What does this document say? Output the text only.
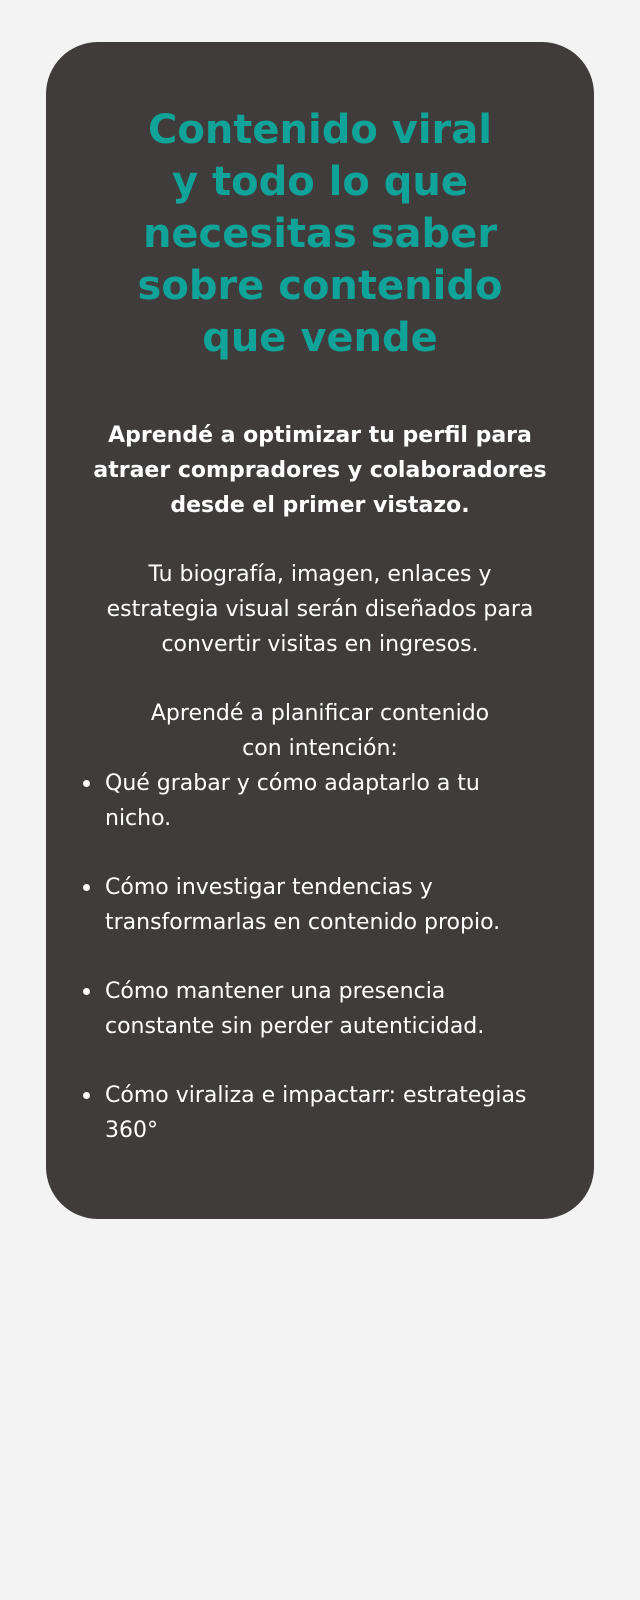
Contenido viral
y todo lo que
necesitas saber
sobre contenido
que vende

Aprendé a optimizar tu perfil para
atraer compradores y colaboradores
desde el primer vistazo.

Tu biografía, imagen, enlaces y
estrategia visual serán diseñados para
convertir visitas en ingresos.

Aprendé a planificar contenido
con intención:

Qué grabar y cómo adaptarlo a tu
nicho.
Cómo investigar tendencias y
transformarlas en contenido propio.
Cómo mantener una presencia
constante sin perder autenticidad.
Cómo viraliza e impactarr: estrategias
360°
